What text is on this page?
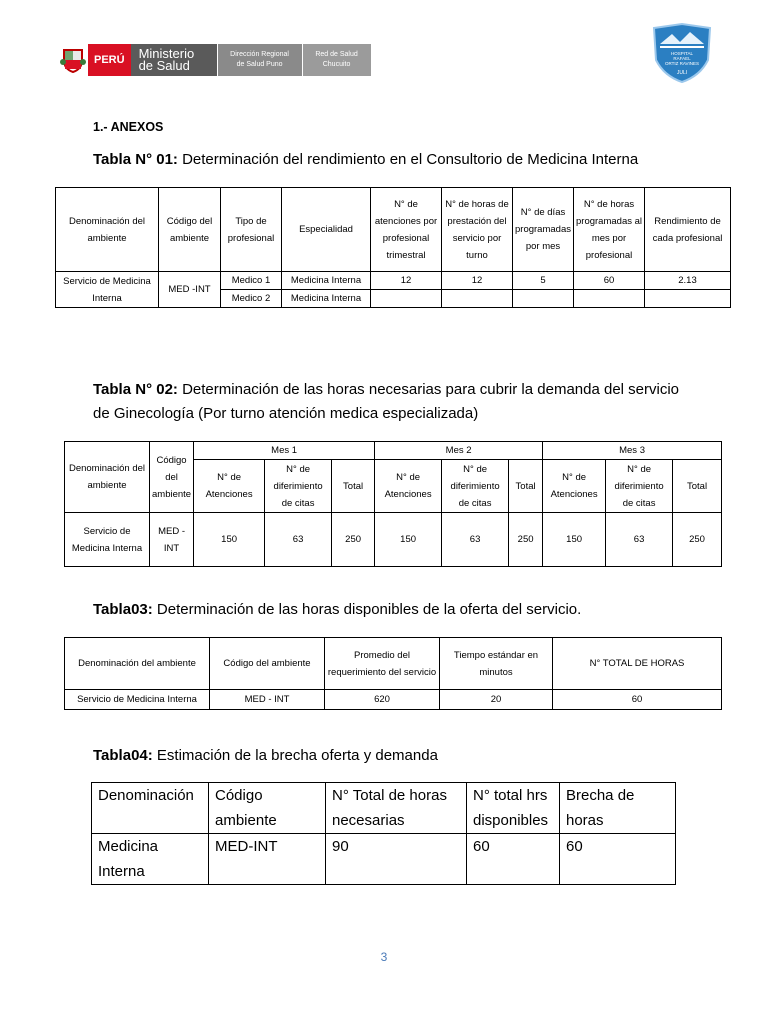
PERÚ	Ministerio
de Salud
Dirección Regional
de Salud Puno
Red de Salud
Chucuito
HOSPITAL
RAFAEL
ORTIZ RAVINES
JULI
1.- ANEXOS
Tabla N° 01: Determinación del rendimiento en el Consultorio de Medicina Interna
Denominación del ambiente	Código del ambiente	Tipo de profesional	Especialidad	N° de atenciones por profesional trimestral	N° de horas de prestación del servicio por turno	N° de días programadas por mes	N° de horas programadas al mes por profesional	Rendimiento de cada profesional
Servicio de Medicina Interna	MED -INT	Medico 1	Medicina Interna	12	12	5	60	2.13
		Medico 2	Medicina Interna					
Tabla N° 02: Determinación de las horas necesarias para cubrir la demanda del servicio de Ginecología (Por turno atención medica especializada)
Denominación del ambiente	Código del ambiente	Mes 1			Mes 2			Mes 3		
		N° de Atenciones	N° de diferimiento de citas	Total	N° de Atenciones	N° de diferimiento de citas	Total	N° de Atenciones	N° de diferimiento de citas	Total
Servicio de Medicina Interna	MED - INT	150	63	250	150	63	250	150	63	250
Tabla03: Determinación de las horas disponibles de la oferta del servicio.
Denominación del ambiente	Código del ambiente	Promedio del requerimiento del servicio	Tiempo estándar en minutos	N° TOTAL DE HORAS
Servicio de Medicina Interna	MED - INT	620	20	60
Tabla04: Estimación de la brecha oferta y demanda
Denominación	Código ambiente	N° Total de horas necesarias	N° total hrs disponibles	Brecha de horas
Medicina Interna	MED-INT	90	60	60
3
